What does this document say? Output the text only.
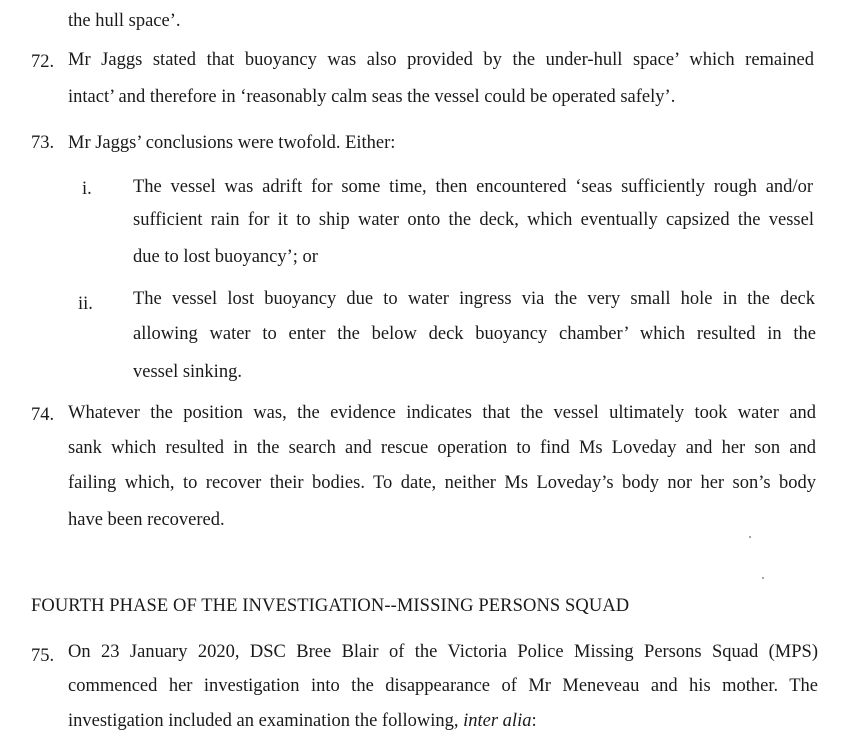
the hull space’.
72. Mr Jaggs stated that buoyancy was also provided by the under-hull space’ which remained
intact’ and therefore in ‘reasonably calm seas the vessel could be operated safely’.
73. Mr Jaggs’ conclusions were twofold. Either:
i. The vessel was adrift for some time, then encountered ‘seas sufficiently rough and/or
sufficient rain for it to ship water onto the deck, which eventually capsized the vessel
due to lost buoyancy’; or
ii. The vessel lost buoyancy due to water ingress via the very small hole in the deck
allowing water to enter the below deck buoyancy chamber’ which resulted in the
vessel sinking.
74. Whatever the position was, the evidence indicates that the vessel ultimately took water and
sank which resulted in the search and rescue operation to find Ms Loveday and her son and
failing which, to recover their bodies. To date, neither Ms Loveday’s body nor her son’s body
have been recovered.
FOURTH PHASE OF THE INVESTIGATION--MISSING PERSONS SQUAD
75. On 23 January 2020, DSC Bree Blair of the Victoria Police Missing Persons Squad (MPS)
commenced her investigation into the disappearance of Mr Meneveau and his mother. The
investigation included an examination the following, inter alia:
